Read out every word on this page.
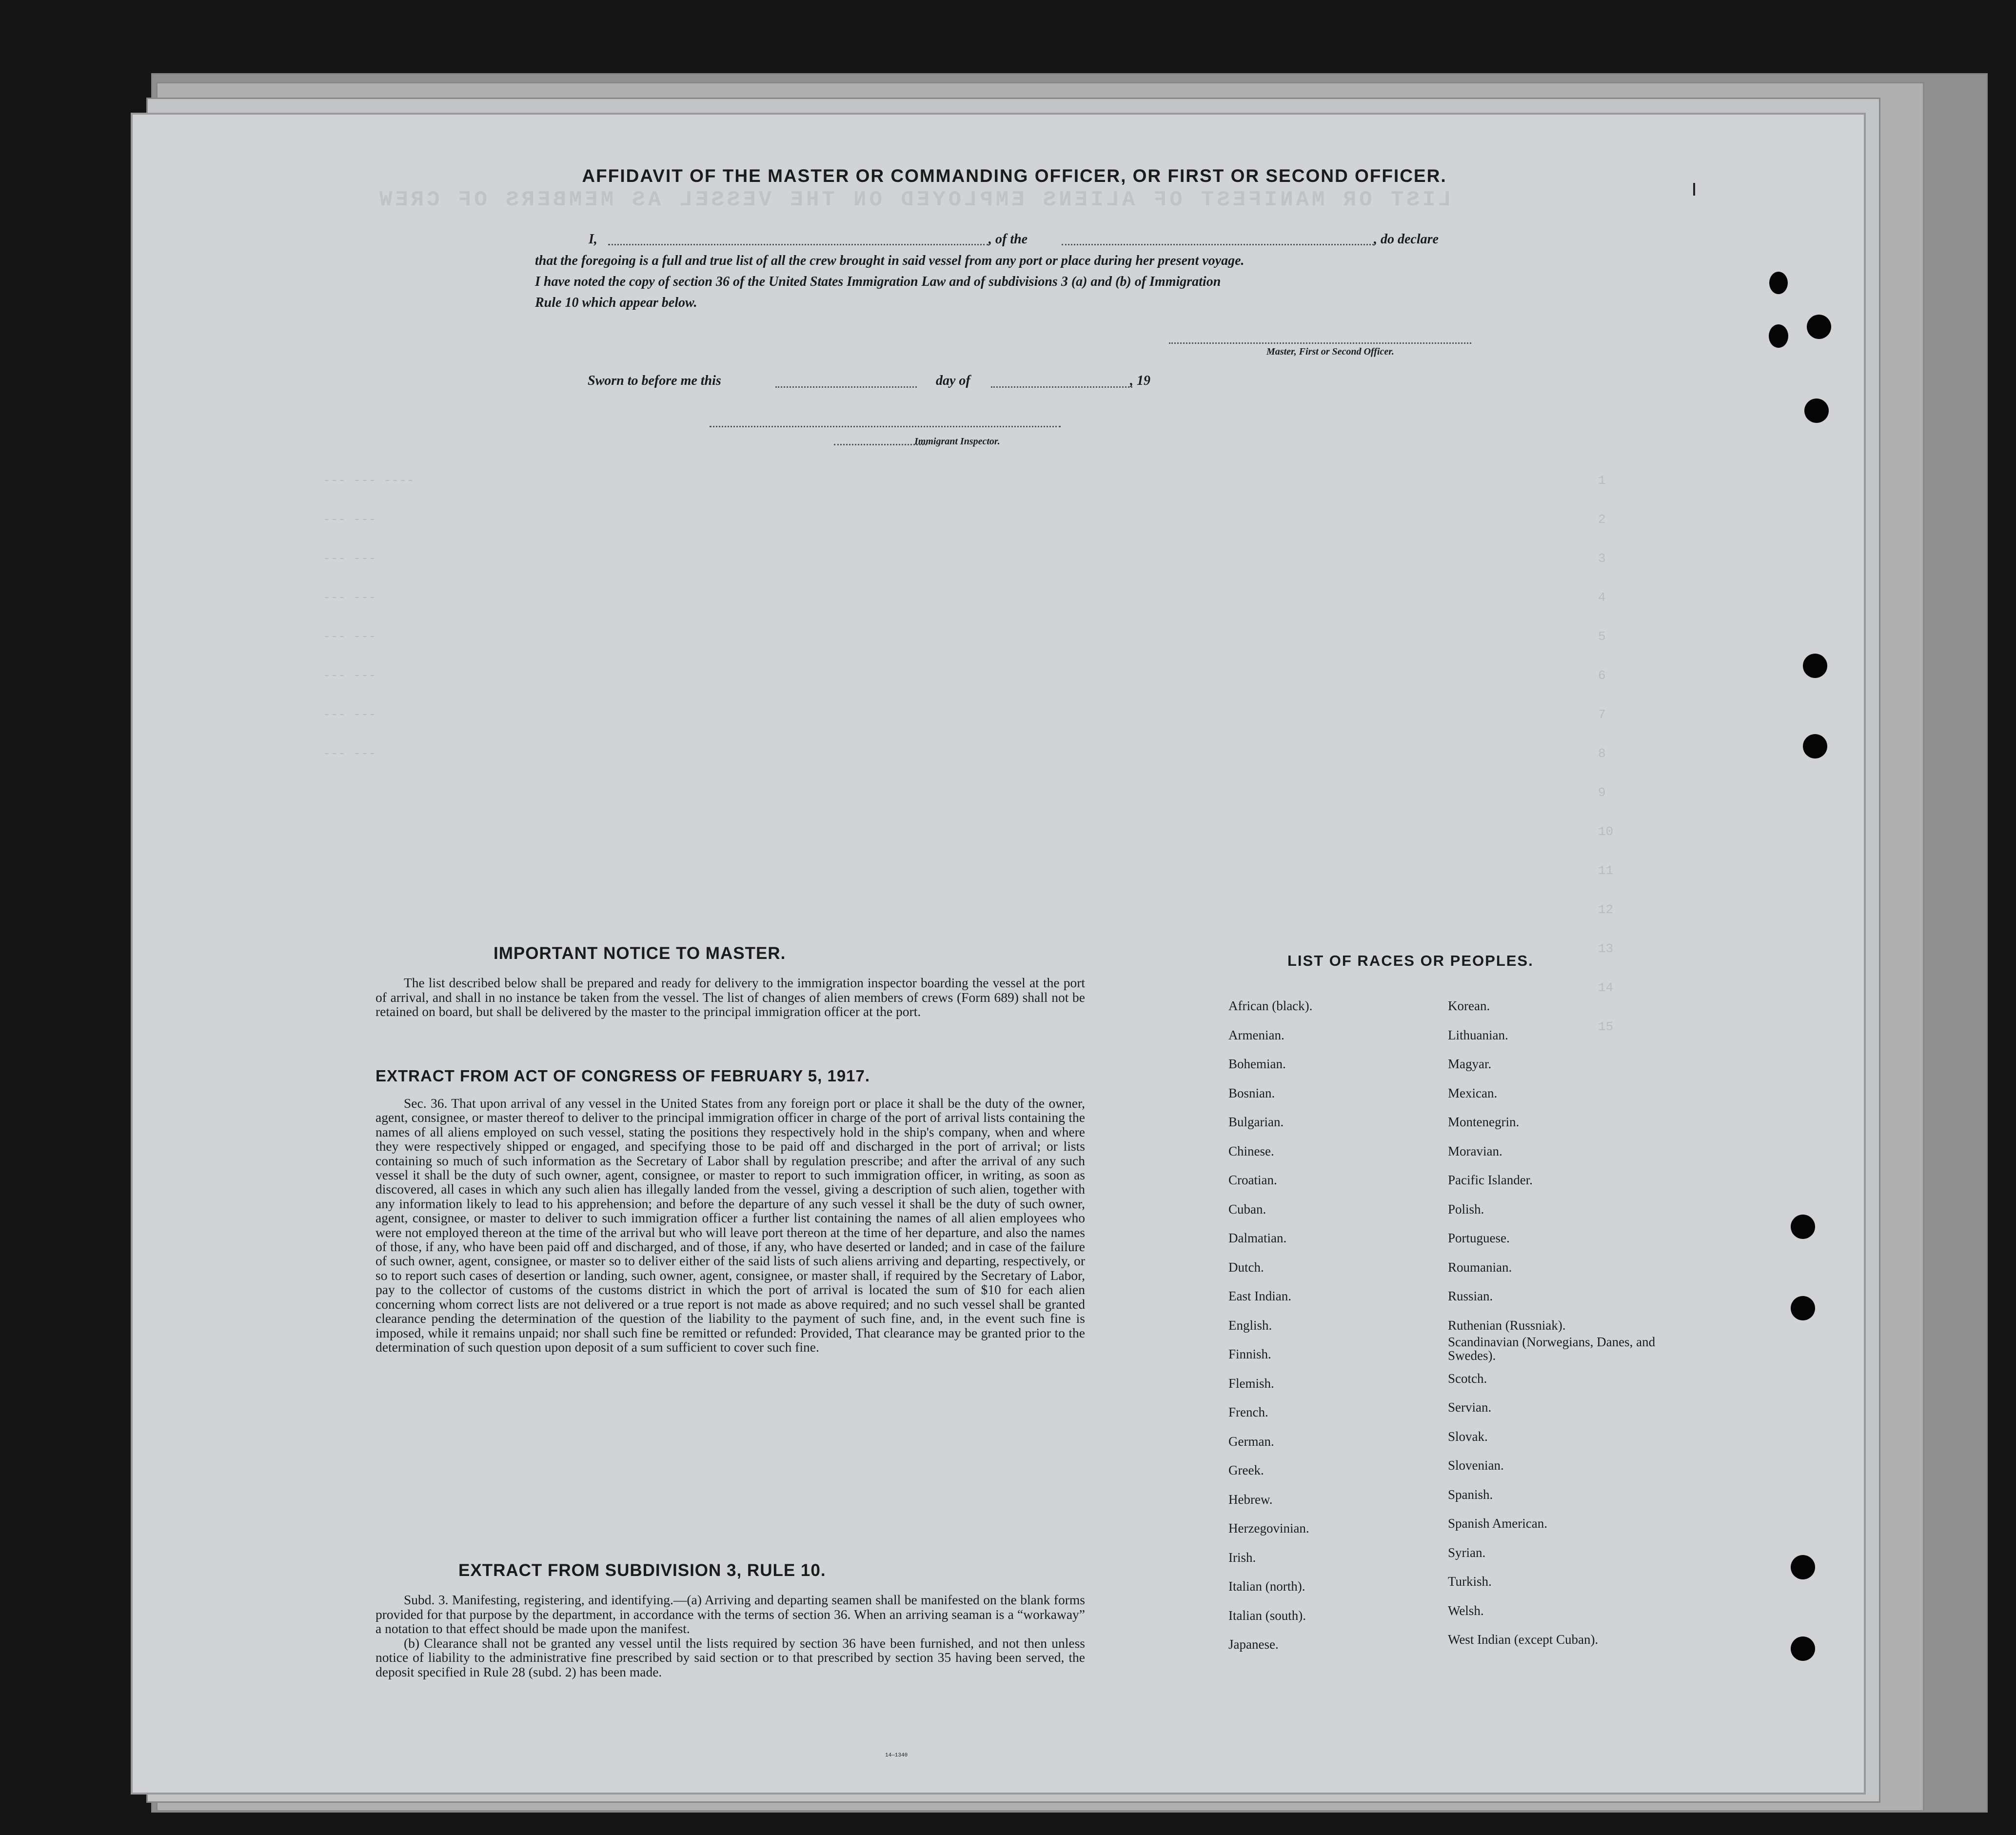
LIST OR MANIFEST OF ALIENS EMPLOYED ON THE VESSEL AS MEMBERS OF CREW
1
2
3
4
5
6
7
8
9
10
11
12
13
14
15
--- --- ----
--- ---
--- ---
--- ---
--- ---
--- ---
--- ---
--- ---
AFFIDAVIT OF THE MASTER OR COMMANDING OFFICER, OR FIRST OR SECOND OFFICER.
I,	, of the	, do declare
that the foregoing is a full and true list of all the crew brought in said vessel from any port or place during her present voyage.
I have noted the copy of section 36 of the United States Immigration Law and of subdivisions 3 (a) and (b) of Immigration
Rule 10 which appear below.
Master, First or Second Officer.
Sworn to before me this	day of	, 19
Immigrant Inspector.
IMPORTANT NOTICE TO MASTER.

The list described below shall be prepared and ready for delivery to the immigration inspector boarding the vessel at the port of arrival, and shall in no instance be taken from the vessel. The list of changes of alien members of crews (Form 689) shall not be retained on board, but shall be delivered by the master to the principal immigration officer at the port.

EXTRACT FROM ACT OF CONGRESS OF FEBRUARY 5, 1917.

Sec. 36. That upon arrival of any vessel in the United States from any foreign port or place it shall be the duty of the owner, agent, consignee, or master thereof to deliver to the principal immigration officer in charge of the port of arrival lists containing the names of all aliens employed on such vessel, stating the positions they respectively hold in the ship's company, when and where they were respectively shipped or engaged, and specifying those to be paid off and discharged in the port of arrival; or lists containing so much of such information as the Secretary of Labor shall by regulation prescribe; and after the arrival of any such vessel it shall be the duty of such owner, agent, consignee, or master to report to such immigration officer, in writing, as soon as discovered, all cases in which any such alien has illegally landed from the vessel, giving a description of such alien, together with any information likely to lead to his apprehension; and before the departure of any such vessel it shall be the duty of such owner, agent, consignee, or master to deliver to such immigration officer a further list containing the names of all alien employees who were not employed thereon at the time of the arrival but who will leave port thereon at the time of her departure, and also the names of those, if any, who have been paid off and discharged, and of those, if any, who have deserted or landed; and in case of the failure of such owner, agent, consignee, or master so to deliver either of the said lists of such aliens arriving and departing, respectively, or so to report such cases of desertion or landing, such owner, agent, consignee, or master shall, if required by the Secretary of Labor, pay to the collector of customs of the customs district in which the port of arrival is located the sum of $10 for each alien concerning whom correct lists are not delivered or a true report is not made as above required; and no such vessel shall be granted clearance pending the determination of the question of the liability to the payment of such fine, and, in the event such fine is imposed, while it remains unpaid; nor shall such fine be remitted or refunded: Provided, That clearance may be granted prior to the determination of such question upon deposit of a sum sufficient to cover such fine.

EXTRACT FROM SUBDIVISION 3, RULE 10.

Subd. 3. Manifesting, registering, and identifying.—(a) Arriving and departing seamen shall be manifested on the blank forms provided for that purpose by the department, in accordance with the terms of section 36. When an arriving seaman is a “workaway” a notation to that effect should be made upon the manifest.

(b) Clearance shall not be granted any vessel until the lists required by section 36 have been furnished, and not then unless notice of liability to the administrative fine prescribed by said section or to that prescribed by section 35 having been served, the deposit specified in Rule 28 (subd. 2) has been made.

14—1340
LIST OF RACES OR PEOPLES.
African (black).
Armenian.
Bohemian.
Bosnian.
Bulgarian.
Chinese.
Croatian.
Cuban.
Dalmatian.
Dutch.
East Indian.
English.
Finnish.
Flemish.
French.
German.
Greek.
Hebrew.
Herzegovinian.
Irish.
Italian (north).
Italian (south).
Japanese.
Korean.
Lithuanian.
Magyar.
Mexican.
Montenegrin.
Moravian.
Pacific Islander.
Polish.
Portuguese.
Roumanian.
Russian.
Ruthenian (Russniak).
Scandinavian (Norwegians, Danes, and Swedes).
Scotch.
Servian.
Slovak.
Slovenian.
Spanish.
Spanish American.
Syrian.
Turkish.
Welsh.
West Indian (except Cuban).
